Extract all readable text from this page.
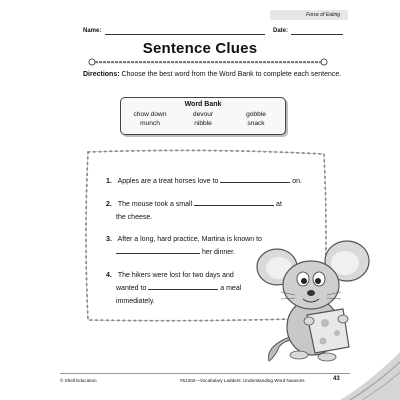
Force of Eating
Name:	Date:
Sentence Clues
Directions: Choose the best word from the Word Bank to complete each sentence.
Word Bank
chow down	devour	gobble
munch	nibble	snack
1. Apples are a treat horses love to	on.
2. The mouse took a small	at
the cheese.
3. After a long, hard practice, Martina is known to
her dinner.
4. The hikers were lost for two days and
wanted to	a meal
immediately.
© Shell Education	#51302—Vocabulary Ladders: Understanding Word Nuances	43
